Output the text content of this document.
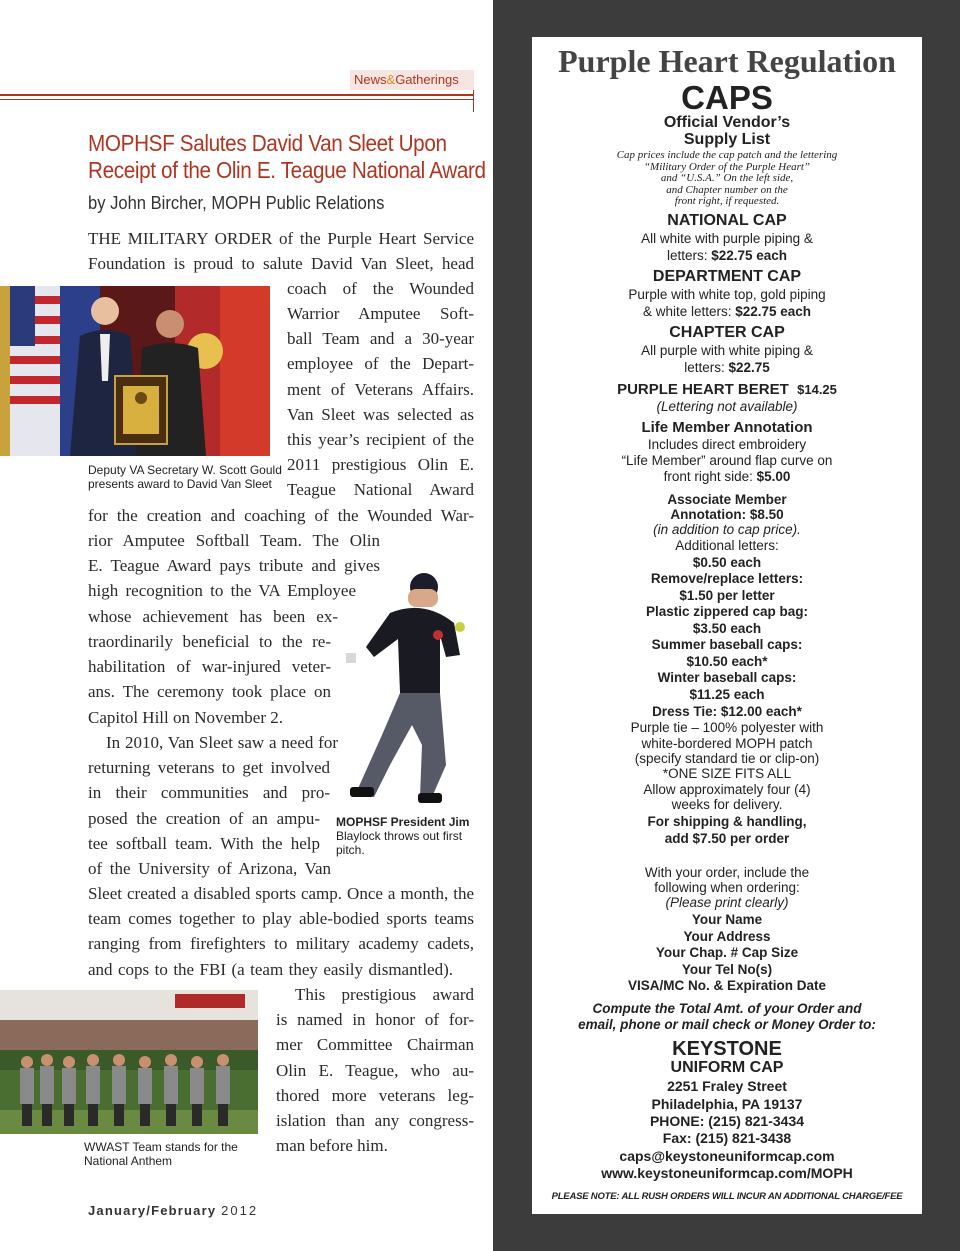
News&Gatherings
MOPHSF Salutes David Van Sleet Upon
Receipt of the Olin E. Teague National Award
by John Bircher, MOPH Public Relations
THE MILITARY ORDER of the Purple Heart Service
Foundation is proud to salute David Van Sleet, head
coach of the Wounded
Warrior Amputee Soft-
ball Team and a 30-year
employee of the Depart-
ment of Veterans Affairs.
Van Sleet was selected as
this year’s recipient of the
2011 prestigious Olin E.
Teague National Award
for the creation and coaching of the Wounded War-
rior Amputee Softball Team. The Olin
E. Teague Award pays tribute and gives
high recognition to the VA Employee
whose achievement has been ex-
traordinarily beneficial to the re-
habilitation of war-injured veter-
ans. The ceremony took place on
Capitol Hill on November 2.
In 2010, Van Sleet saw a need for
returning veterans to get involved
in their communities and pro-
posed the creation of an ampu-
tee softball team. With the help
of the University of Arizona, Van
Sleet created a disabled sports camp. Once a month, the
team comes together to play able-bodied sports teams
ranging from firefighters to military academy cadets,
and cops to the FBI (a team they easily dismantled).
This prestigious award
is named in honor of for-
mer Committee Chairman
Olin E. Teague, who au-
thored more veterans leg-
islation than any congress-
man before him.
Deputy VA Secretary W. Scott Gould
presents award to David Van Sleet
MOPHSF President Jim
Blaylock throws out first
pitch.
WWAST Team stands for the
National Anthem
January/February 2012
Purple Heart Regulation
CAPS
Official Vendor’s
Supply List
Cap prices include the cap patch and the lettering
“Military Order of the Purple Heart”
and “U.S.A.” On the left side,
and Chapter number on the
front right, if requested.
NATIONAL CAP
All white with purple piping &
letters: $22.75 each
DEPARTMENT CAP
Purple with white top, gold piping
& white letters: $22.75 each
CHAPTER CAP
All purple with white piping &
letters: $22.75
PURPLE HEART BERET $14.25
(Lettering not available)
Life Member Annotation
Includes direct embroidery
“Life Member” around flap curve on
front right side: $5.00
Associate Member
Annotation: $8.50
(in addition to cap price).
Additional letters:
$0.50 each
Remove/replace letters:
$1.50 per letter
Plastic zippered cap bag:
$3.50 each
Summer baseball caps:
$10.50 each*
Winter baseball caps:
$11.25 each
Dress Tie: $12.00 each*
Purple tie – 100% polyester with
white-bordered MOPH patch
(specify standard tie or clip-on)
*ONE SIZE FITS ALL
Allow approximately four (4)
weeks for delivery.
For shipping & handling,
add $7.50 per order
With your order, include the
following when ordering:
(Please print clearly)
Your Name
Your Address
Your Chap. # Cap Size
Your Tel No(s)
VISA/MC No. & Expiration Date
Compute the Total Amt. of your Order and
email, phone or mail check or Money Order to:
KEYSTONE
UNIFORM CAP
2251 Fraley Street
Philadelphia, PA 19137
PHONE: (215) 821-3434
Fax: (215) 821-3438
caps@keystoneuniformcap.com
www.keystoneuniformcap.com/MOPH
PLEASE NOTE: ALL RUSH ORDERS WILL INCUR AN ADDITIONAL CHARGE/FEE
